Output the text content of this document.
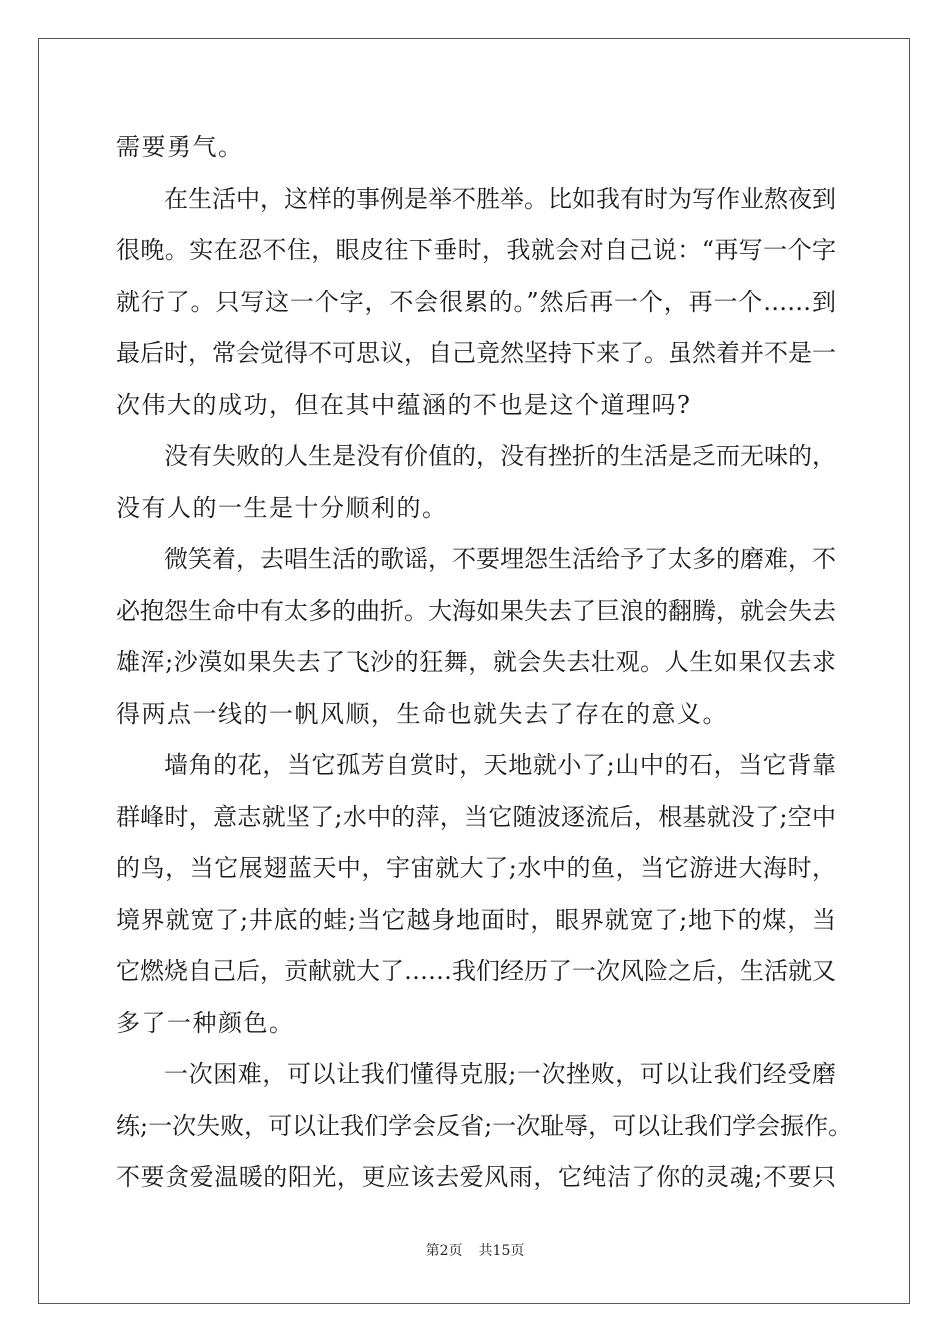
需要勇气。
在生活中，这样的事例是举不胜举。比如我有时为写作业熬夜到
很晚。实在忍不住，眼皮往下垂时，我就会对自己说：“再写一个字
就行了。只写这一个字，不会很累的。”然后再一个，再一个……到
最后时，常会觉得不可思议，自己竟然坚持下来了。虽然着并不是一
次伟大的成功，但在其中蕴涵的不也是这个道理吗?
没有失败的人生是没有价值的，没有挫折的生活是乏而无味的，
没有人的一生是十分顺利的。
微笑着，去唱生活的歌谣，不要埋怨生活给予了太多的磨难，不
必抱怨生命中有太多的曲折。大海如果失去了巨浪的翻腾，就会失去
雄浑;沙漠如果失去了飞沙的狂舞，就会失去壮观。人生如果仅去求
得两点一线的一帆风顺，生命也就失去了存在的意义。
墙角的花，当它孤芳自赏时，天地就小了;山中的石，当它背靠
群峰时，意志就坚了;水中的萍，当它随波逐流后，根基就没了;空中
的鸟，当它展翅蓝天中，宇宙就大了;水中的鱼，当它游进大海时，
境界就宽了;井底的蛙;当它越身地面时，眼界就宽了;地下的煤，当
它燃烧自己后，贡献就大了……我们经历了一次风险之后，生活就又
多了一种颜色。
一次困难，可以让我们懂得克服;一次挫败，可以让我们经受磨
练;一次失败，可以让我们学会反省;一次耻辱，可以让我们学会振作。
不要贪爱温暖的阳光，更应该去爱风雨，它纯洁了你的灵魂;不要只
第2页 共15页
